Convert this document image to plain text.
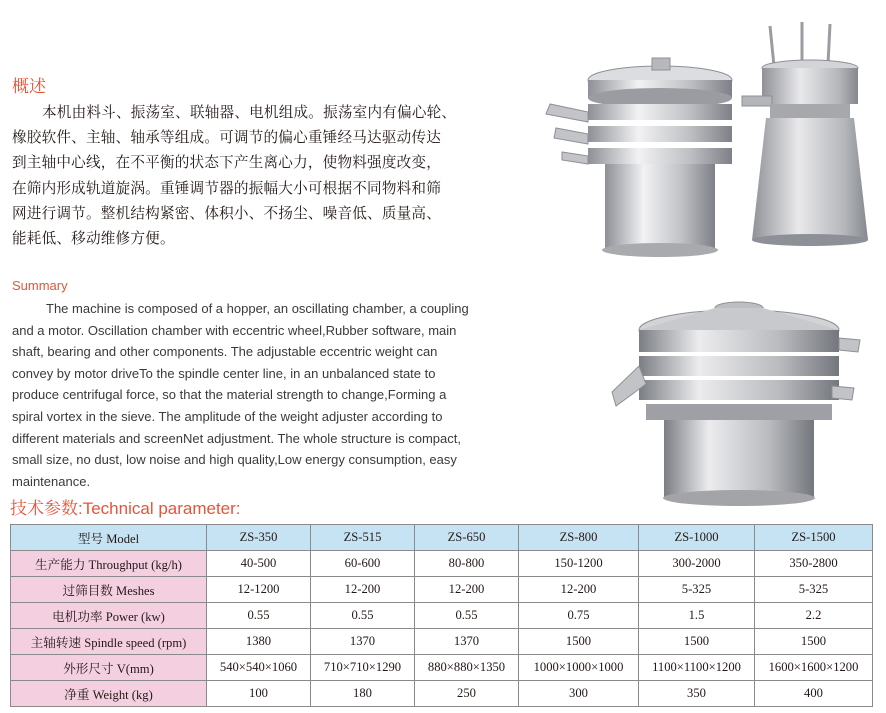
概述
本机由料斗、振荡室、联轴器、电机组成。振荡室内有偏心轮、
橡胶软件、主轴、轴承等组成。可调节的偏心重锤经马达驱动传达
到主轴中心线，在不平衡的状态下产生离心力，使物料强度改变，
在筛内形成轨道旋涡。重锤调节器的振幅大小可根据不同物料和筛
网进行调节。整机结构紧密、体积小、不扬尘、噪音低、质量高、
能耗低、移动维修方便。
Summary
The machine is composed of a hopper, an oscillating chamber, a coupling
and a motor. Oscillation chamber with eccentric wheel,Rubber software, main
shaft, bearing and other components. The adjustable eccentric weight can
convey by motor driveTo the spindle center line, in an unbalanced state to
produce centrifugal force, so that the material strength to change,Forming a
spiral vortex in the sieve. The amplitude of the weight adjuster according to
different materials and screenNet adjustment. The whole structure is compact,
small size, no dust, low noise and high quality,Low energy consumption, easy
maintenance.
技术参数:Technical parameter:
型号 Model	ZS-350	ZS-515	ZS-650	ZS-800	ZS-1000	ZS-1500
生产能力 Throughput (kg/h)	40-500	60-600	80-800	150-1200	300-2000	350-2800
过筛目数 Meshes	12-1200	12-200	12-200	12-200	5-325	5-325
电机功率 Power (kw)	0.55	0.55	0.55	0.75	1.5	2.2
主轴转速 Spindle speed (rpm)	1380	1370	1370	1500	1500	1500
外形尺寸 V(mm)	540×540×1060	710×710×1290	880×880×1350	1000×1000×1000	1100×1100×1200	1600×1600×1200
净重 Weight (kg)	100	180	250	300	350	400
